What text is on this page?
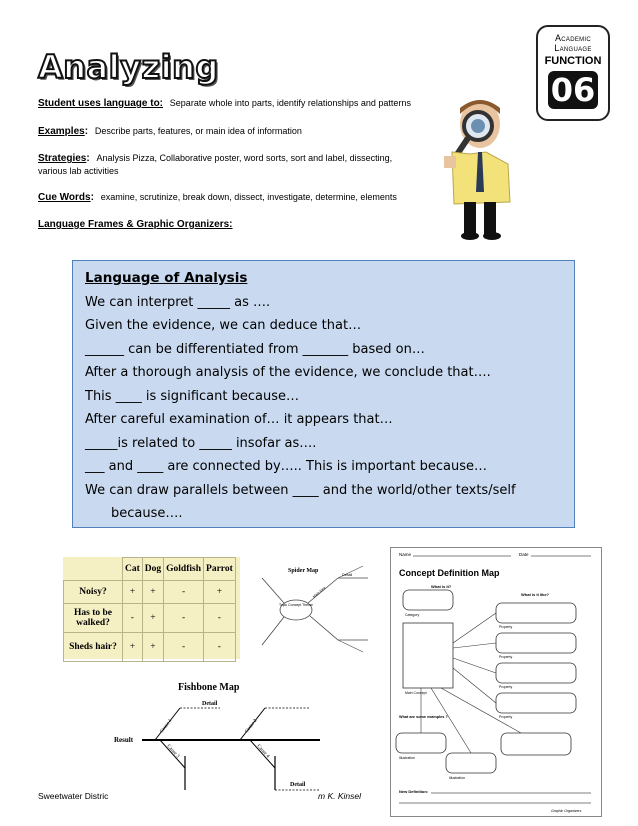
Analyzing
Academic
Language
FUNCTION
06
Student uses language to: Separate whole into parts, identify relationships and patterns
Examples: Describe parts, features, or main idea of information
Strategies: Analysis Pizza, Collaborative poster, word sorts, sort and label, dissecting,
various lab activities
Cue Words: examine, scrutinize, break down, dissect, investigate, determine, elements
Language Frames & Graphic Organizers:
Language of Analysis
We can interpret _____ as ….
Given the evidence, we can deduce that…
______ can be differentiated from _______ based on…
After a thorough analysis of the evidence, we conclude that….
This ____ is significant because…
After careful examination of… it appears that…
_____is related to _____ insofar as….
___ and ____ are connected by….. This is important because…
We can draw parallels between ____ and the world/other texts/self
because….
	Cat	Dog	Goldfish	Parrot
Noisy?	+	+	-	+
Has to be walked?	-	+	-	-
Sheds hair?	+	+	-	-
Spider Map
Topic Concept Theme
Detail
Main Idea
Fishbone Map
Result
Detail
Detail
Cause 1	Cause 2
Cause 3	Cause 4
Name	Date
Concept Definition Map
What is it?
What is it like?
Category
Property
Property
Property
Property
Main Concept
What are some examples ?
Illustration
Illustration
New Definition:
Graphic Organizers
Sweetwater Distric	m K. Kinsel
